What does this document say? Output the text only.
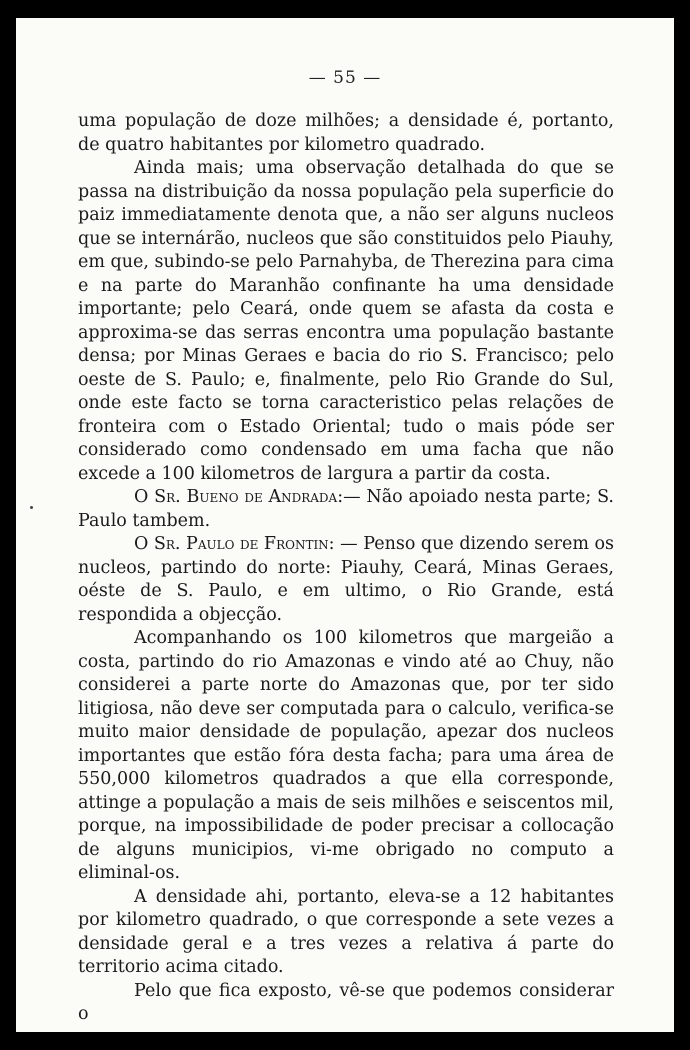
— 55 —

uma população de doze milhões; a densidade é, portanto, de quatro habitantes por kilometro quadrado.

Ainda mais; uma observação detalhada do que se passa na distribuição da nossa população pela superficie do paiz immediatamente denota que, a não ser alguns nucleos que se internárão, nucleos que são constituidos pelo Piauhy, em que, subindo-se pelo Parnahyba, de Therezina para cima e na parte do Maranhão confinante ha uma densidade importante; pelo Ceará, onde quem se afasta da costa e approxima-se das serras encontra uma população bastante densa; por Minas Geraes e bacia do rio S. Francisco; pelo oeste de S. Paulo; e, finalmente, pelo Rio Grande do Sul, onde este facto se torna caracteristico pelas relações de fronteira com o Estado Oriental; tudo o mais póde ser considerado como condensado em uma facha que não excede a 100 kilometros de largura a partir da costa.

O Sr. Bueno de Andrada:— Não apoiado nesta parte; S. Paulo tambem.

O Sr. Paulo de Frontin: — Penso que dizendo serem os nucleos, partindo do norte: Piauhy, Ceará, Minas Geraes, oéste de S. Paulo, e em ultimo, o Rio Grande, está respondida a objecção.

Acompanhando os 100 kilometros que margeião a costa, partindo do rio Amazonas e vindo até ao Chuy, não considerei a parte norte do Amazonas que, por ter sido litigiosa, não deve ser computada para o calculo, verifica-se muito maior densidade de população, apezar dos nucleos importantes que estão fóra desta facha; para uma área de 550,000 kilometros quadrados a que ella corresponde, attinge a população a mais de seis milhões e seiscentos mil, porque, na impossibilidade de poder precisar a collocação de alguns municipios, vi-me obrigado no computo a eliminal-os.

A densidade ahi, portanto, eleva-se a 12 habitantes por kilometro quadrado, o que corresponde a sete vezes a densidade geral e a tres vezes a relativa á parte do territorio acima citado.

Pelo que fica exposto, vê-se que podemos considerar o
